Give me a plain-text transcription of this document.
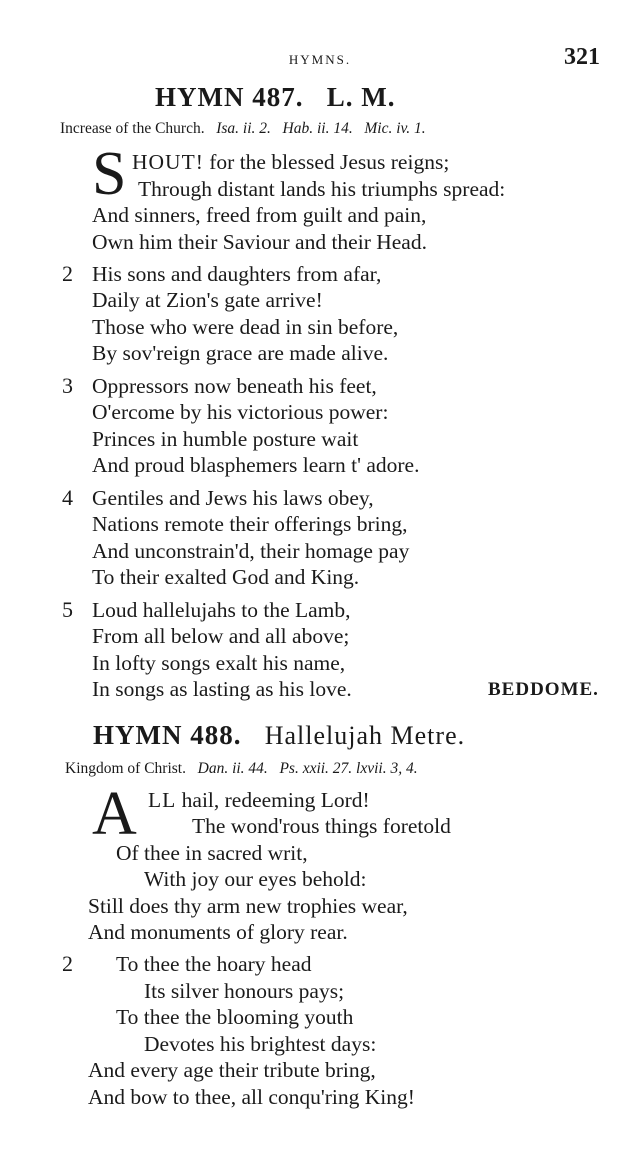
HYMNS.	321
HYMN 487. L. M.
Increase of the Church. Isa. ii. 2. Hab. ii. 14. Mic. iv. 1.
S HOUT! for the blessed Jesus reigns;
Through distant lands his triumphs spread:
And sinners, freed from guilt and pain,
Own him their Saviour and their Head.
2 His sons and daughters from afar,
Daily at Zion's gate arrive!
Those who were dead in sin before,
By sov'reign grace are made alive.
3 Oppressors now beneath his feet,
O'ercome by his victorious power:
Princes in humble posture wait
And proud blasphemers learn t' adore.
4 Gentiles and Jews his laws obey,
Nations remote their offerings bring,
And unconstrain'd, their homage pay
To their exalted God and King.
5 Loud hallelujahs to the Lamb,
From all below and all above;
In lofty songs exalt his name,
In songs as lasting as his love.	BEDDOME.
HYMN 488. Hallelujah Metre.
Kingdom of Christ. Dan. ii. 44. Ps. xxii. 27. lxvii. 3, 4.
A LL hail, redeeming Lord!
The wond'rous things foretold
Of thee in sacred writ,
With joy our eyes behold:
Still does thy arm new trophies wear,
And monuments of glory rear.
2 To thee the hoary head
Its silver honours pays;
To thee the blooming youth
Devotes his brightest days:
And every age their tribute bring,
And bow to thee, all conqu'ring King!
